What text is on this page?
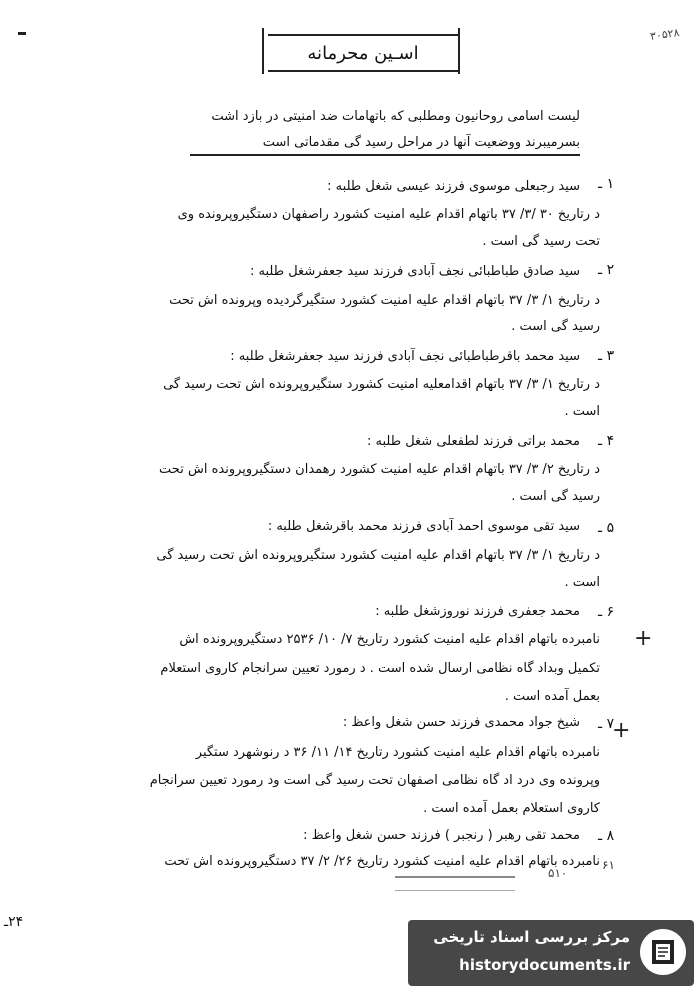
اسـين محرمانه
۳۰۵۲۸
لیست اسامی روحانیون ومطلبی که باتهامات ضد امنیتی در بازد اشت
بسرمیبرند ووضعیت آنها در مراحل رسید گی مقدماتی است
۱ ـ
سید رجبعلی موسوی فرزند عیسی شغل طلبه :
د رتاریخ ۳۰ /۳/ ۳۷ باتهام اقدام علیه امنیت کشورد راصفهان دستگیروپرونده وی
تحت رسید گی است .
۲ ـ
سید صادق طباطبائی نجف آبادی فرزند سید جعفرشغل طلبه :
د رتاریخ ۱/ ۳/ ۳۷ باتهام اقدام علیه امنیت کشورد ستگیرگردیده وپرونده اش تحت
رسید گی است .
۳ ـ
سید محمد باقرطباطبائی نجف آبادی فرزند سید جعفرشغل طلبه :
د رتاریخ ۱/ ۳/ ۳۷ باتهام اقدامعلیه امنیت کشورد ستگیروپرونده اش تحت رسید گی
است .
۴ ـ
محمد براتی فرزند لطفعلی شغل طلبه :
د رتاریخ ۲/ ۳/ ۳۷ باتهام اقدام علیه امنیت کشورد رهمدان دستگیروپرونده اش تحت
رسید گی است .
۵ ـ
سید تقی موسوی احمد آبادی فرزند محمد باقرشغل طلبه :
د رتاریخ ۱/ ۳/ ۳۷ باتهام اقدام علیه امنیت کشورد ستگیروپرونده اش تحت رسید گی
است .
۶ ـ
محمد جعفری فرزند نوروزشغل طلبه :
نامبرده باتهام اقدام علیه امنیت کشورد رتاریخ ۷/ ۱۰/ ۲۵۳۶ دستگیروپرونده اش
تکمیل وبداد گاه نظامی ارسال شده است . د رمورد تعیین سرانجام کاروی استعلام
بعمل آمده است .
۷ ـ
شیخ جواد محمدی فرزند حسن شغل واعظ :
نامبرده باتهام اقدام علیه امنیت کشورد رتاریخ ۱۴/ ۱۱/ ۳۶ د رنوشهرد ستگیر
وپرونده وی درد اد گاه نظامی اصفهان تحت رسید گی است ود رمورد تعیین سرانجام
کاروی استعلام بعمل آمده است .
۸ ـ
محمد تقی رهبر ( رنجبر ) فرزند حسن شغل واعظ :
نامبرده باتهام اقدام علیه امنیت کشورد رتاریخ ۲۶/ ۲/ ۳۷ دستگیروپرونده اش تحت
+
+
۶۱
۵۱۰
۲۴ـ
مرکز بررسی اسناد تاریخی
historydocuments.ir
